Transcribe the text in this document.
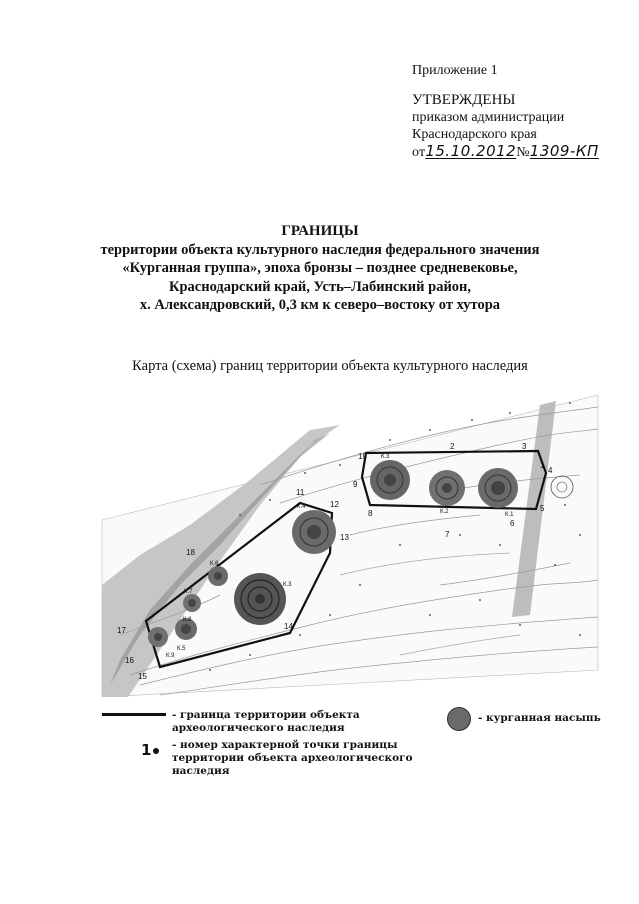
Приложение 1
УТВЕРЖДЕНЫ
приказом администрации
Краснодарского края
от15.10.2012№1309-КП
ГРАНИЦЫ
территории объекта культурного наследия федерального значения
«Курганная группа», эпоха бронзы – позднее средневековье,
Краснодарский край, Усть–Лабинский район,
х. Александровский, 0,3 км к северо–востоку от хутора
Карта (схема) границ территории объекта культурного наследия
К.1
К.2
К.3
К.3
К.4
К.5
К.6
К.7
К.8
К.9
1
2	3
4
5
6
7
8
9
10
11
12
13
14
15
16
17
18
- граница территории объекта археологического наследия
- курганная насыпь
1	- номер характерной точки границы территории объекта археологического наследия
